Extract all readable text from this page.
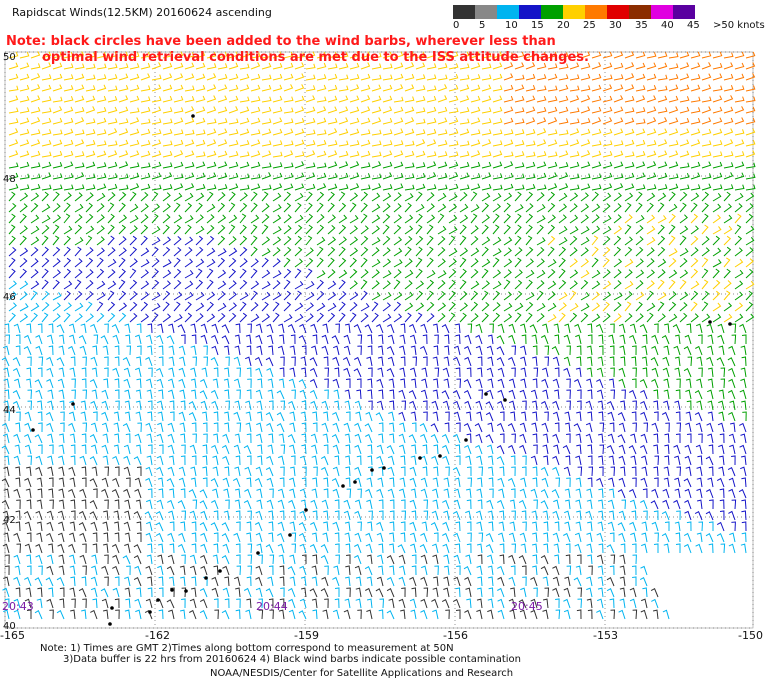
Rapidscat Winds(12.5KM) 20160624 ascending
Note: black circles have been added to the wind barbs, wherever less than
optimal wind retrieval conditions are met due to the ISS attitude changes.
0 5 10 15 20 25 30 35 40 45 >50 knots
50
48
46
44
42
40
-165	-162	-159	-156	-153	-150
20:43	20:44	20:45
Note: 1) Times are GMT 2)Times along bottom correspond to measurement at 50N
3)Data buffer is 22 hrs from 20160624 4) Black wind barbs indicate possible contamination
NOAA/NESDIS/Center for Satellite Applications and Research
